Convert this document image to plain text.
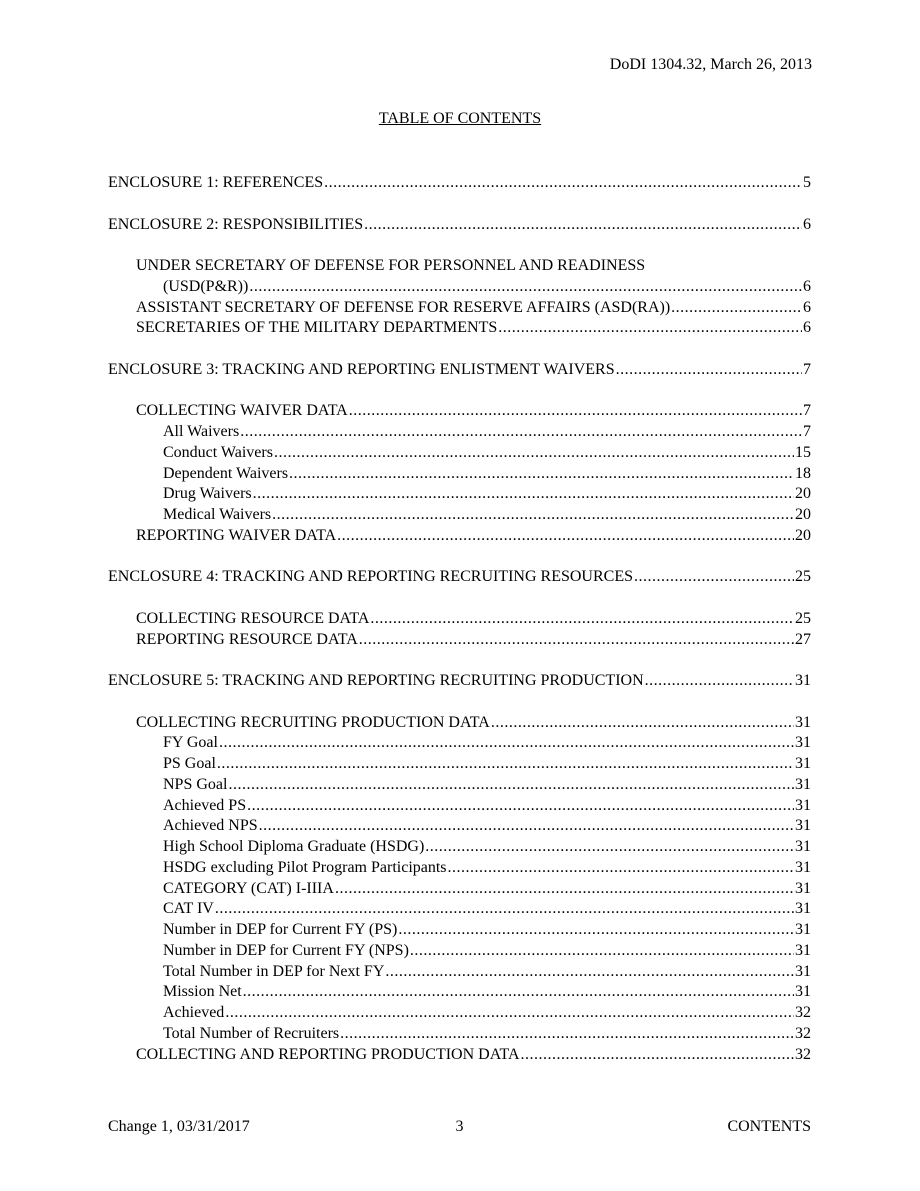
DoDI 1304.32, March 26, 2013
TABLE OF CONTENTS
ENCLOSURE 1: REFERENCES .....	5
ENCLOSURE 2: RESPONSIBILITIES .....	6
UNDER SECRETARY OF DEFENSE FOR PERSONNEL AND READINESS
(USD(P&R)) .....	6
ASSISTANT SECRETARY OF DEFENSE FOR RESERVE AFFAIRS (ASD(RA)) .....	6
SECRETARIES OF THE MILITARY DEPARTMENTS .....	6
ENCLOSURE 3: TRACKING AND REPORTING ENLISTMENT WAIVERS .....	7
COLLECTING WAIVER DATA .....	7
All Waivers .....	7
Conduct Waivers .....	15
Dependent Waivers .....	18
Drug Waivers .....	20
Medical Waivers .....	20
REPORTING WAIVER DATA .....	20
ENCLOSURE 4: TRACKING AND REPORTING RECRUITING RESOURCES .....	25
COLLECTING RESOURCE DATA .....	25
REPORTING RESOURCE DATA .....	27
ENCLOSURE 5: TRACKING AND REPORTING RECRUITING PRODUCTION .....	31
COLLECTING RECRUITING PRODUCTION DATA .....	31
FY Goal .....	31
PS Goal .....	31
NPS Goal .....	31
Achieved PS .....	31
Achieved NPS .....	31
High School Diploma Graduate (HSDG) .....	31
HSDG excluding Pilot Program Participants .....	31
CATEGORY (CAT) I-IIIA .....	31
CAT IV .....	31
Number in DEP for Current FY (PS) .....	31
Number in DEP for Current FY (NPS) .....	31
Total Number in DEP for Next FY .....	31
Mission Net .....	31
Achieved .....	32
Total Number of Recruiters .....	32
COLLECTING AND REPORTING PRODUCTION DATA .....	32
Change 1, 03/31/2017	3	CONTENTS
